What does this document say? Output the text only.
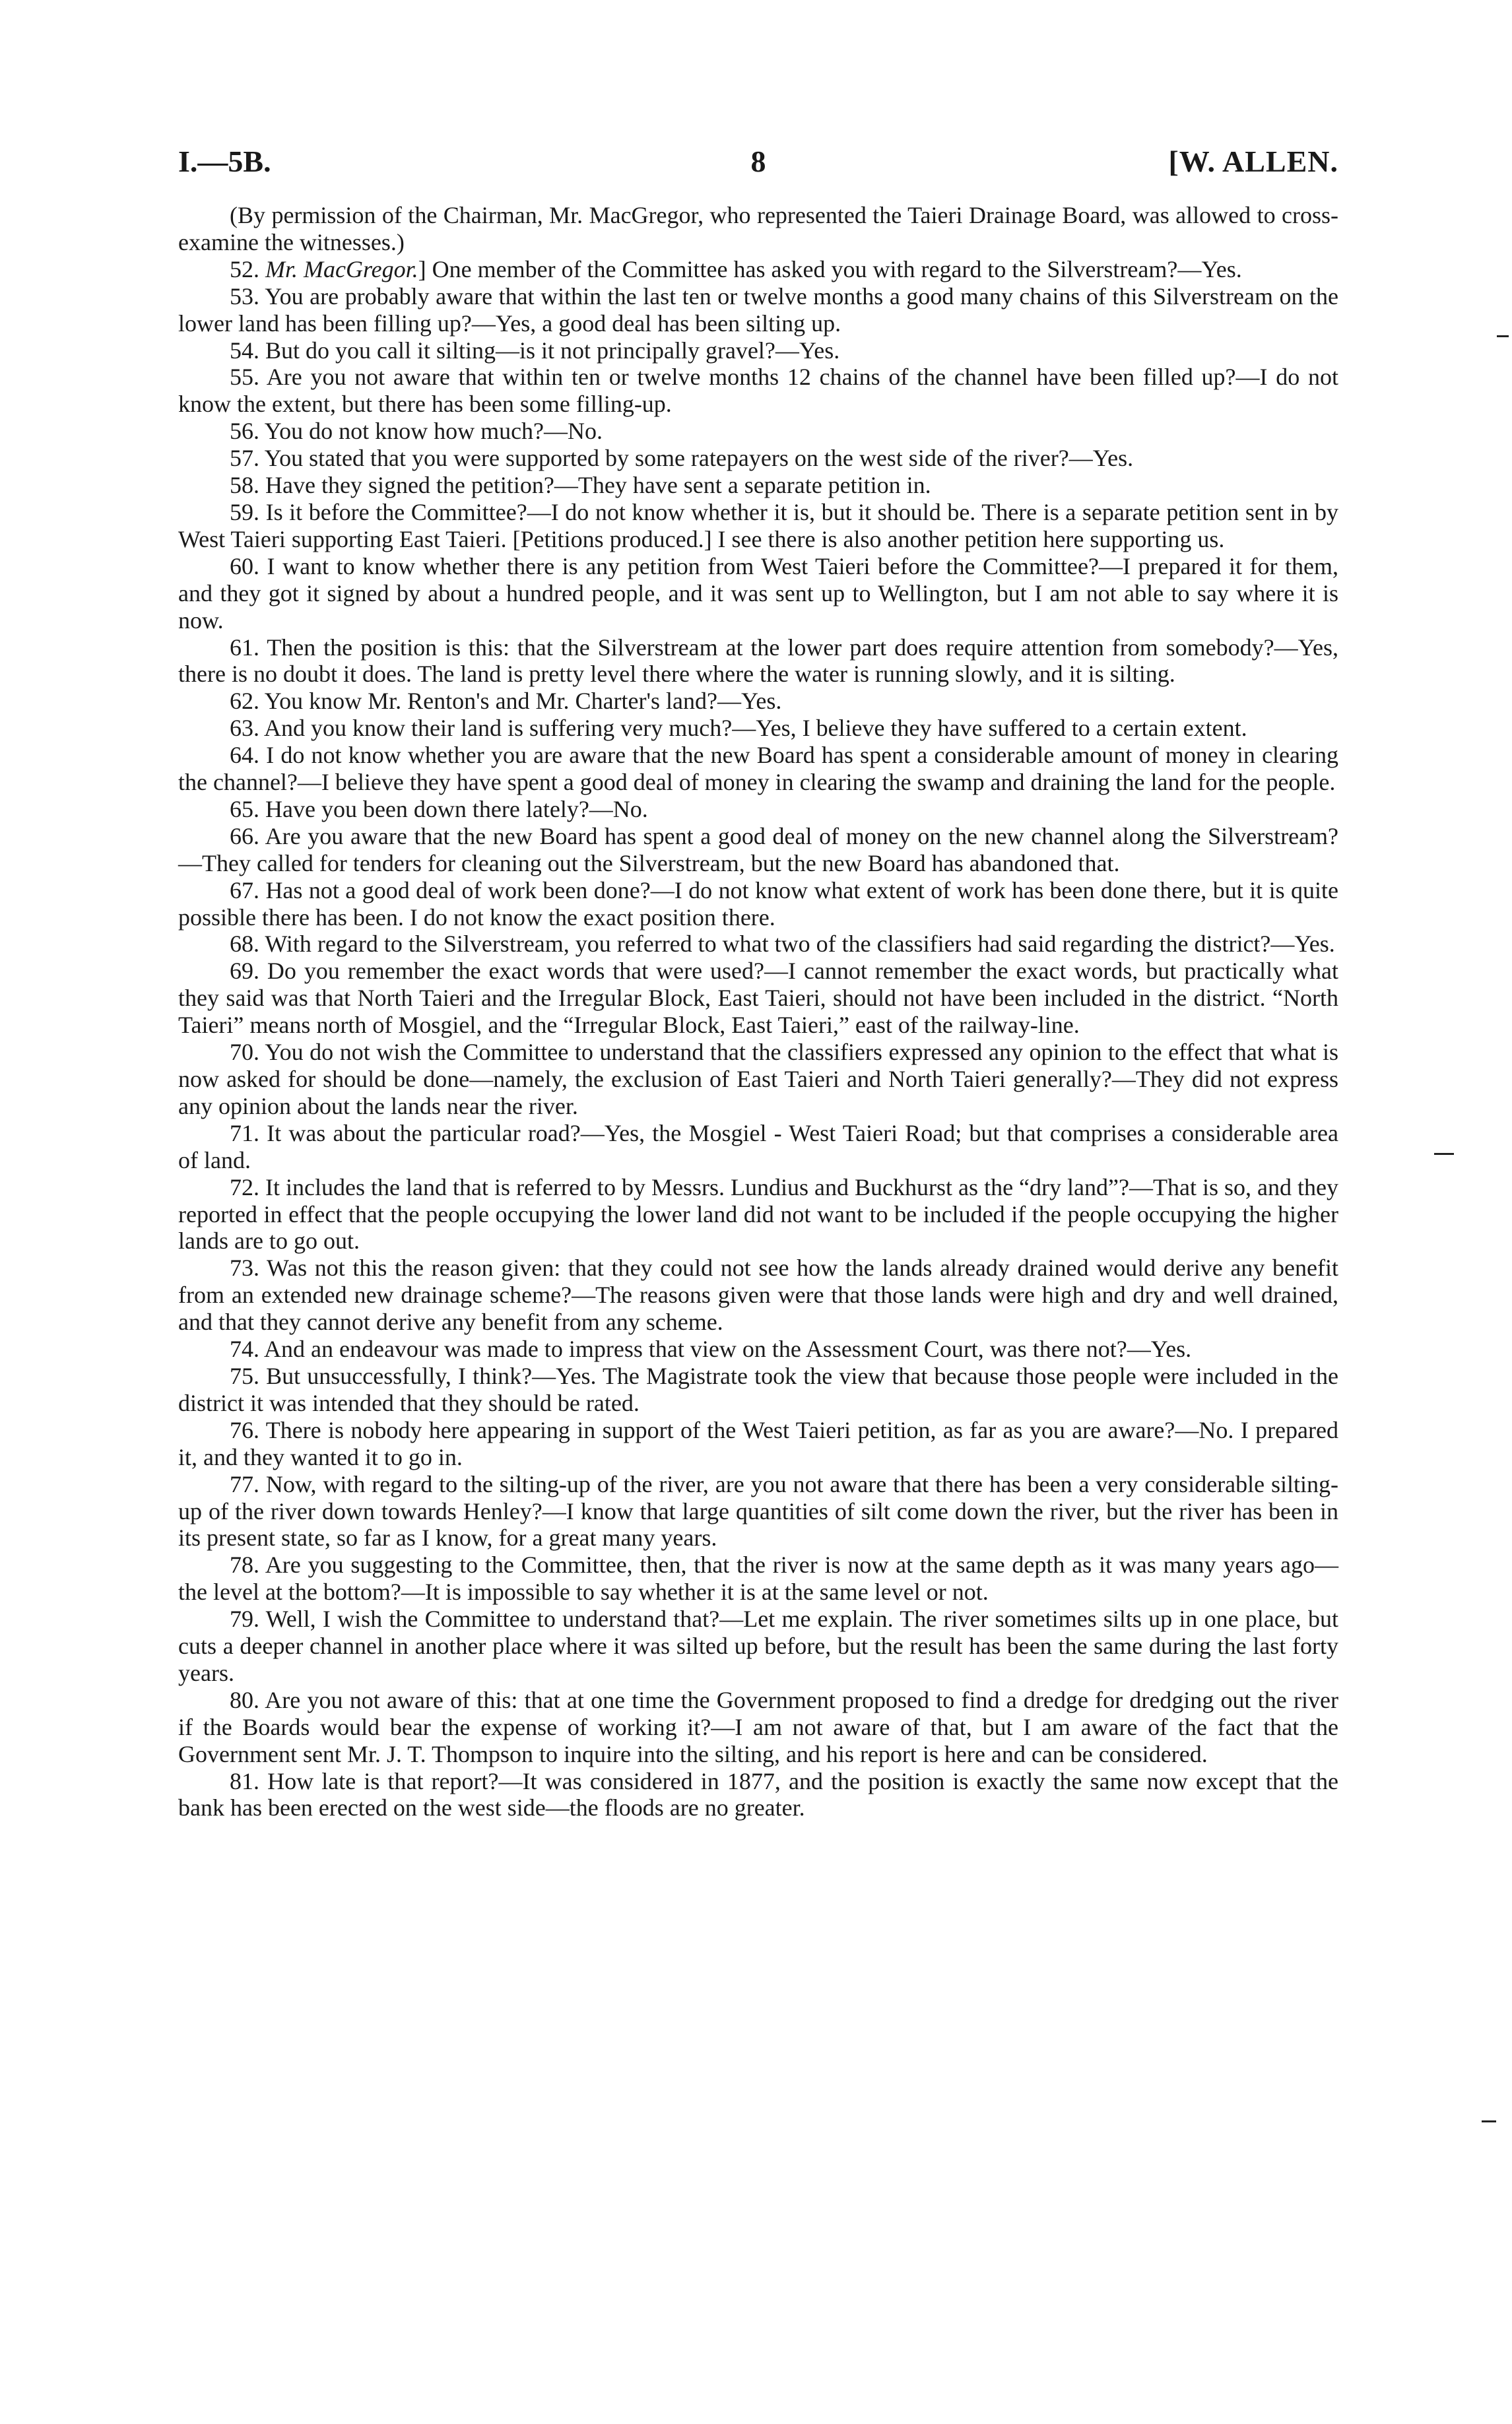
I.—5B.	8	[W. ALLEN.

(By permission of the Chairman, Mr. MacGregor, who represented the Taieri Drainage Board, was allowed to cross-examine the witnesses.)

52. Mr. MacGregor.] One member of the Committee has asked you with regard to the Silverstream?—Yes.

53. You are probably aware that within the last ten or twelve months a good many chains of this Silverstream on the lower land has been filling up?—Yes, a good deal has been silting up.

54. But do you call it silting—is it not principally gravel?—Yes.

55. Are you not aware that within ten or twelve months 12 chains of the channel have been filled up?—I do not know the extent, but there has been some filling-up.

56. You do not know how much?—No.

57. You stated that you were supported by some ratepayers on the west side of the river?—Yes.

58. Have they signed the petition?—They have sent a separate petition in.

59. Is it before the Committee?—I do not know whether it is, but it should be. There is a separate petition sent in by West Taieri supporting East Taieri. [Petitions produced.] I see there is also another petition here supporting us.

60. I want to know whether there is any petition from West Taieri before the Committee?—I prepared it for them, and they got it signed by about a hundred people, and it was sent up to Wellington, but I am not able to say where it is now.

61. Then the position is this: that the Silverstream at the lower part does require attention from somebody?—Yes, there is no doubt it does. The land is pretty level there where the water is running slowly, and it is silting.

62. You know Mr. Renton's and Mr. Charter's land?—Yes.

63. And you know their land is suffering very much?—Yes, I believe they have suffered to a certain extent.

64. I do not know whether you are aware that the new Board has spent a considerable amount of money in clearing the channel?—I believe they have spent a good deal of money in clearing the swamp and draining the land for the people.

65. Have you been down there lately?—No.

66. Are you aware that the new Board has spent a good deal of money on the new channel along the Silverstream?—They called for tenders for cleaning out the Silverstream, but the new Board has abandoned that.

67. Has not a good deal of work been done?—I do not know what extent of work has been done there, but it is quite possible there has been. I do not know the exact position there.

68. With regard to the Silverstream, you referred to what two of the classifiers had said regarding the district?—Yes.

69. Do you remember the exact words that were used?—I cannot remember the exact words, but practically what they said was that North Taieri and the Irregular Block, East Taieri, should not have been included in the district. “North Taieri” means north of Mosgiel, and the “Irregular Block, East Taieri,” east of the railway-line.

70. You do not wish the Committee to understand that the classifiers expressed any opinion to the effect that what is now asked for should be done—namely, the exclusion of East Taieri and North Taieri generally?—They did not express any opinion about the lands near the river.

71. It was about the particular road?—Yes, the Mosgiel - West Taieri Road; but that comprises a considerable area of land.

72. It includes the land that is referred to by Messrs. Lundius and Buckhurst as the “dry land”?—That is so, and they reported in effect that the people occupying the lower land did not want to be included if the people occupying the higher lands are to go out.

73. Was not this the reason given: that they could not see how the lands already drained would derive any benefit from an extended new drainage scheme?—The reasons given were that those lands were high and dry and well drained, and that they cannot derive any benefit from any scheme.

74. And an endeavour was made to impress that view on the Assessment Court, was there not?—Yes.

75. But unsuccessfully, I think?—Yes. The Magistrate took the view that because those people were included in the district it was intended that they should be rated.

76. There is nobody here appearing in support of the West Taieri petition, as far as you are aware?—No. I prepared it, and they wanted it to go in.

77. Now, with regard to the silting-up of the river, are you not aware that there has been a very considerable silting-up of the river down towards Henley?—I know that large quantities of silt come down the river, but the river has been in its present state, so far as I know, for a great many years.

78. Are you suggesting to the Committee, then, that the river is now at the same depth as it was many years ago—the level at the bottom?—It is impossible to say whether it is at the same level or not.

79. Well, I wish the Committee to understand that?—Let me explain. The river sometimes silts up in one place, but cuts a deeper channel in another place where it was silted up before, but the result has been the same during the last forty years.

80. Are you not aware of this: that at one time the Government proposed to find a dredge for dredging out the river if the Boards would bear the expense of working it?—I am not aware of that, but I am aware of the fact that the Government sent Mr. J. T. Thompson to inquire into the silting, and his report is here and can be considered.

81. How late is that report?—It was considered in 1877, and the position is exactly the same now except that the bank has been erected on the west side—the floods are no greater.
